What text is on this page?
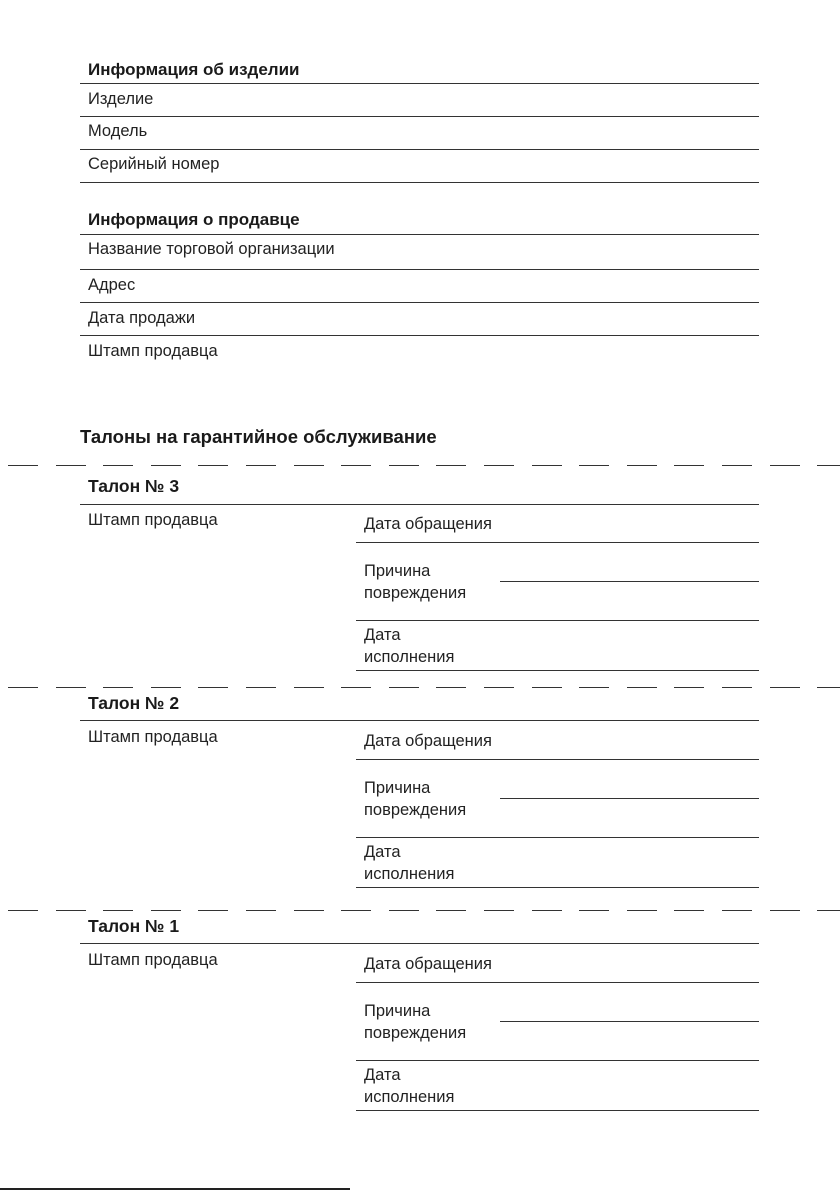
Информация об изделии
Изделие
Модель
Серийный номер
Информация о продавце
Название торговой организации
Адрес
Дата продажи
Штамп продавца
Талоны на гарантийное обслуживание
Талон № 3
Штамп продавца	Дата обращения
Причина
повреждения
Дата
исполнения
Талон № 2
Штамп продавца	Дата обращения
Причина
повреждения
Дата
исполнения
Талон № 1
Штамп продавца	Дата обращения
Причина
повреждения
Дата
исполнения
